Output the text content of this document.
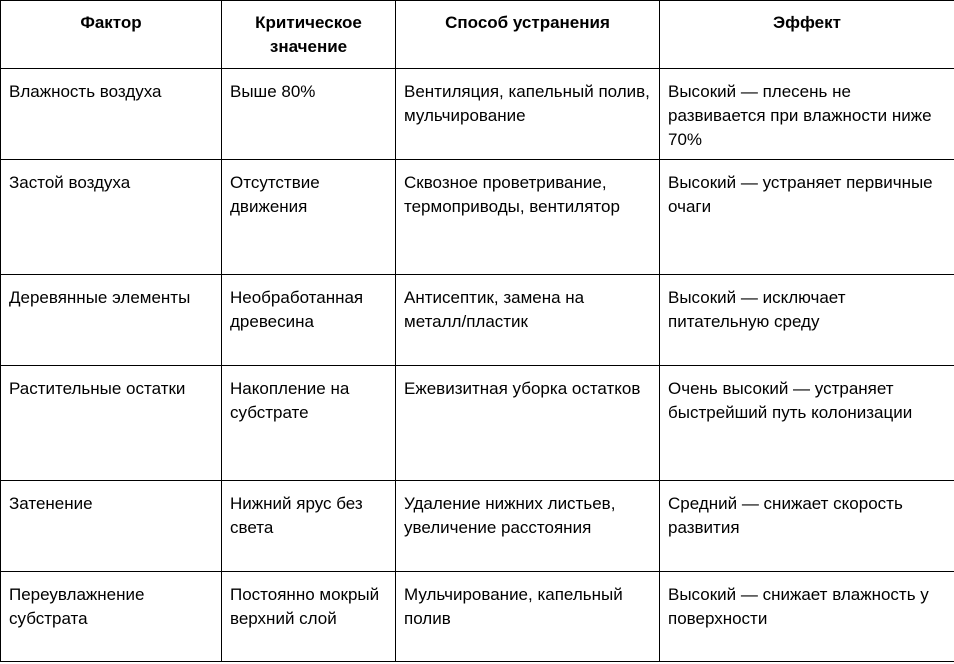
Фактор	Критическое значение	Способ устранения	Эффект
Влажность воздуха	Выше 80%	Вентиляция, капельный полив, мульчирование	Высокий — плесень не развивается при влажности ниже 70%
Застой воздуха	Отсутствие движения	Сквозное проветривание, термоприводы, вентилятор	Высокий — устраняет первичные очаги
Деревянные элементы	Необработанная древесина	Антисептик, замена на металл/пластик	Высокий — исключает питательную среду
Растительные остатки	Накопление на субстрате	Ежевизитная уборка остатков	Очень высокий — устраняет быстрейший путь колонизации
Затенение	Нижний ярус без света	Удаление нижних листьев, увеличение расстояния	Средний — снижает скорость развития
Переувлажнение субстрата	Постоянно мокрый верхний слой	Мульчирование, капельный полив	Высокий — снижает влажность у поверхности
